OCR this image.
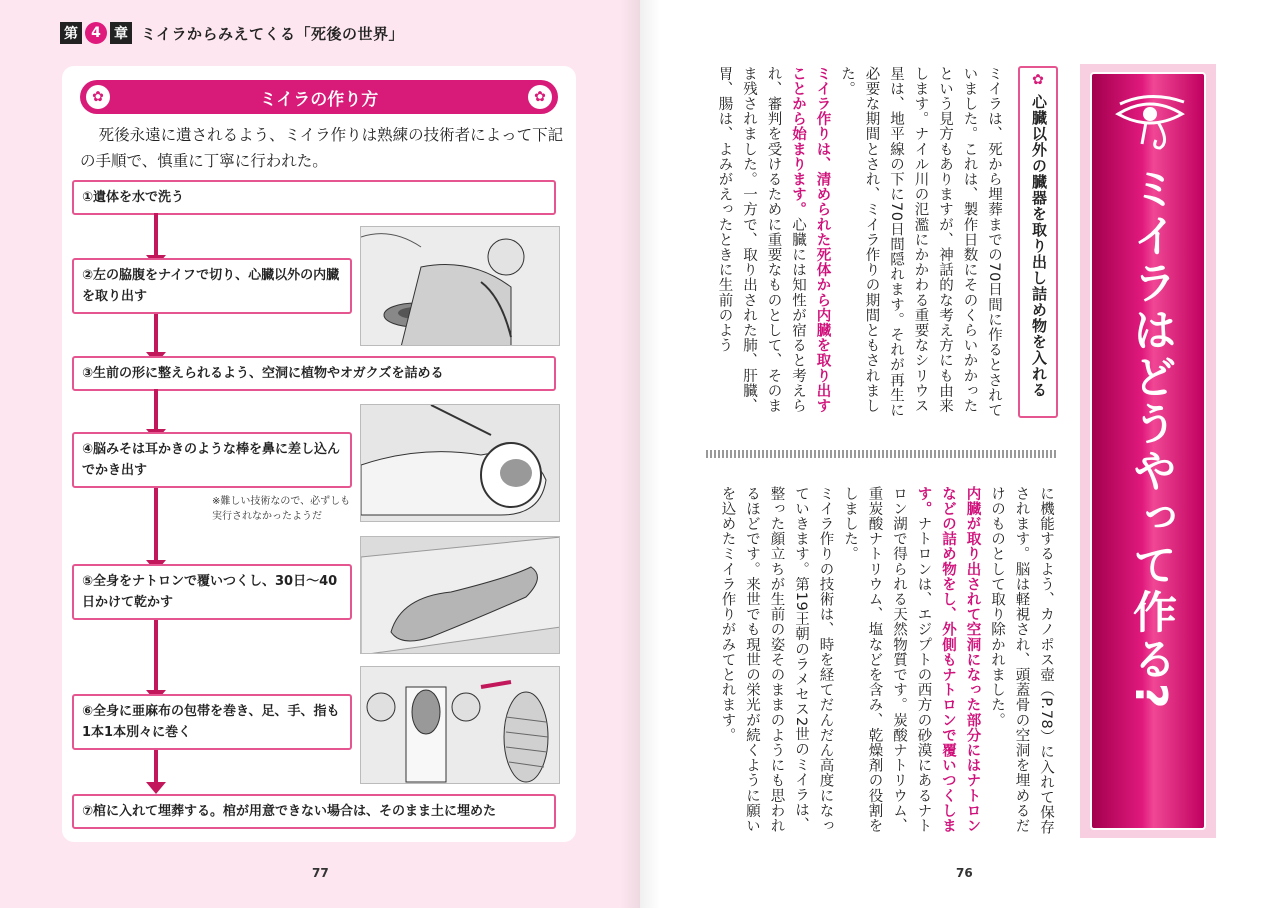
第 4 章 ミイラからみえてくる「死後の世界」
✿	ミイラの作り方	✿

死後永遠に遺されるよう、ミイラ作りは熟練の技術者によって下記の手順で、慎重に丁寧に行われた。

①遺体を水で洗う
②左の脇腹をナイフで切り、心臓以外の内臓を取り出す
③生前の形に整えられるよう、空洞に植物やオガクズを詰める
④脳みそは耳かきのような棒を鼻に差し込んでかき出す
※難しい技術なので、必ずしも実行されなかったようだ
⑤全身をナトロンで覆いつくし、30日～40日かけて乾かす
⑥全身に亜麻布の包帯を巻き、足、手、指も1本1本別々に巻く
⑦棺に入れて埋葬する。棺が用意できない場合は、そのまま土に埋めた
77
ミイラはどうやって作る?
✿
心臓以外の臓器を取り出し詰め物を入れる
ミイラは、死から埋葬までの70日間に作るとされていました。これは、製作日数にそのくらいかかったという見方もありますが、神話的な考え方にも由来します。ナイル川の氾濫にかかわる重要なシリウス星は、地平線の下に70日間隠れます。それが再生に必要な期間とされ、ミイラ作りの期間ともされました。
ミイラ作りは、清められた死体から内臓を取り出すことから始まります。心臓には知性が宿ると考えられ、審判を受けるために重要なものとして、そのまま残されました。一方で、取り出された肺、肝臓、胃、腸は、よみがえったときに生前のよう
に機能するよう、カノポス壺（P.78）に入れて保存されます。脳は軽視され、頭蓋骨の空洞を埋めるだけのものとして取り除かれました。
内臓が取り出されて空洞になった部分にはナトロンなどの詰め物をし、外側もナトロンで覆いつくします。ナトロンは、エジプトの西方の砂漠にあるナトロン湖で得られる天然物質です。炭酸ナトリウム、重炭酸ナトリウム、塩などを含み、乾燥剤の役割をしました。
ミイラ作りの技術は、時を経てだんだん高度になっていきます。第19王朝のラメセス2世のミイラは、整った顔立ちが生前の姿そのままのようにも思われるほどです。来世でも現世の栄光が続くように願いを込めたミイラ作りがみてとれます。
76
